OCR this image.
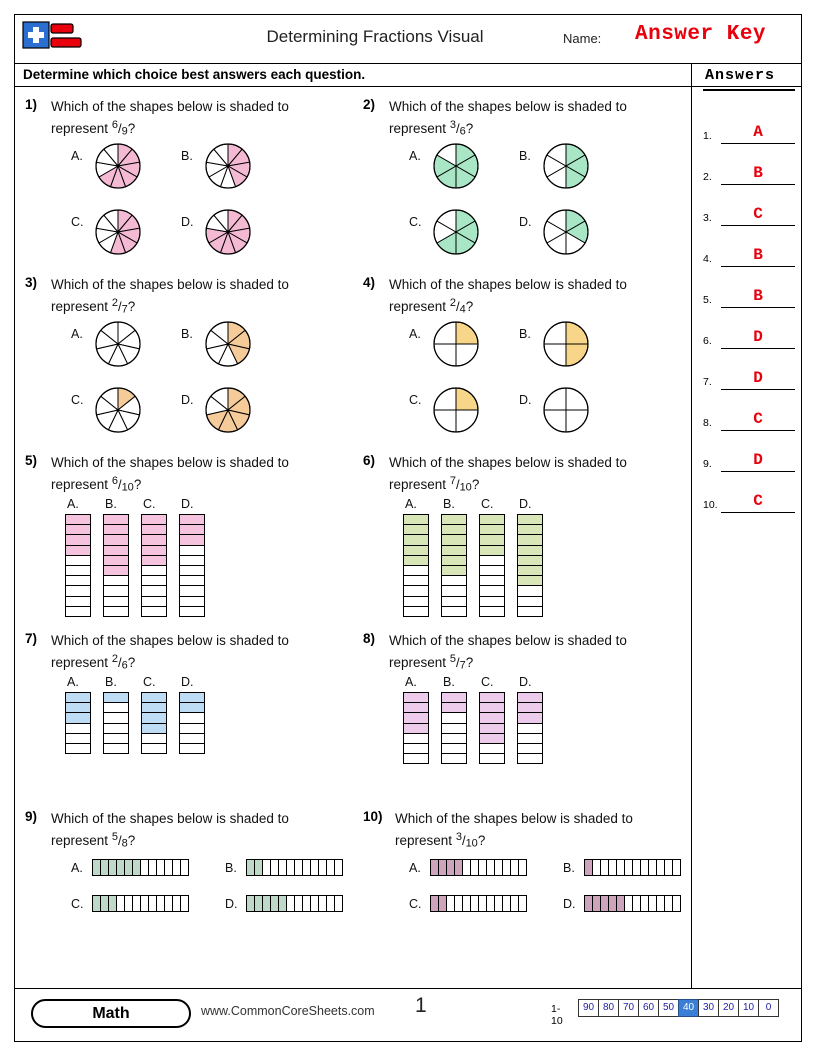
Determining Fractions Visual	Name: Answer Key
Determine which choice best answers each question.	Answers
1.	A
2.	B
3.	C
4.	B
5.	B
6.	D
7.	D
8.	C
9.	D
10.	C
1) Which of the shapes below is shaded to
represent $^6/_9$?
A.	B.
C.	D.
2) Which of the shapes below is shaded to
represent $^3/_6$?
A.	B.
C.	D.
3) Which of the shapes below is shaded to
represent $^2/_7$?
A.	B.
C.	D.
4) Which of the shapes below is shaded to
represent $^2/_4$?
A.	B.
C.	D.
5) Which of the shapes below is shaded to
represent $^6/_{10}$?
A. B. C. D.
6) Which of the shapes below is shaded to
represent $^7/_{10}$?
A. B. C. D.
7) Which of the shapes below is shaded to
represent $^2/_6$?
A. B. C. D.
8) Which of the shapes below is shaded to
represent $^5/_7$?
A. B. C. D.
9) Which of the shapes below is shaded to
represent $^5/_8$?
A.	B.
C.	D.
10) Which of the shapes below is shaded to
represent $^3/_{10}$?
A.	B.
C.	D.
Math	www.CommonCoreSheets.com 1	1-10
90 80 70 60 50 40 30 20 10	0
